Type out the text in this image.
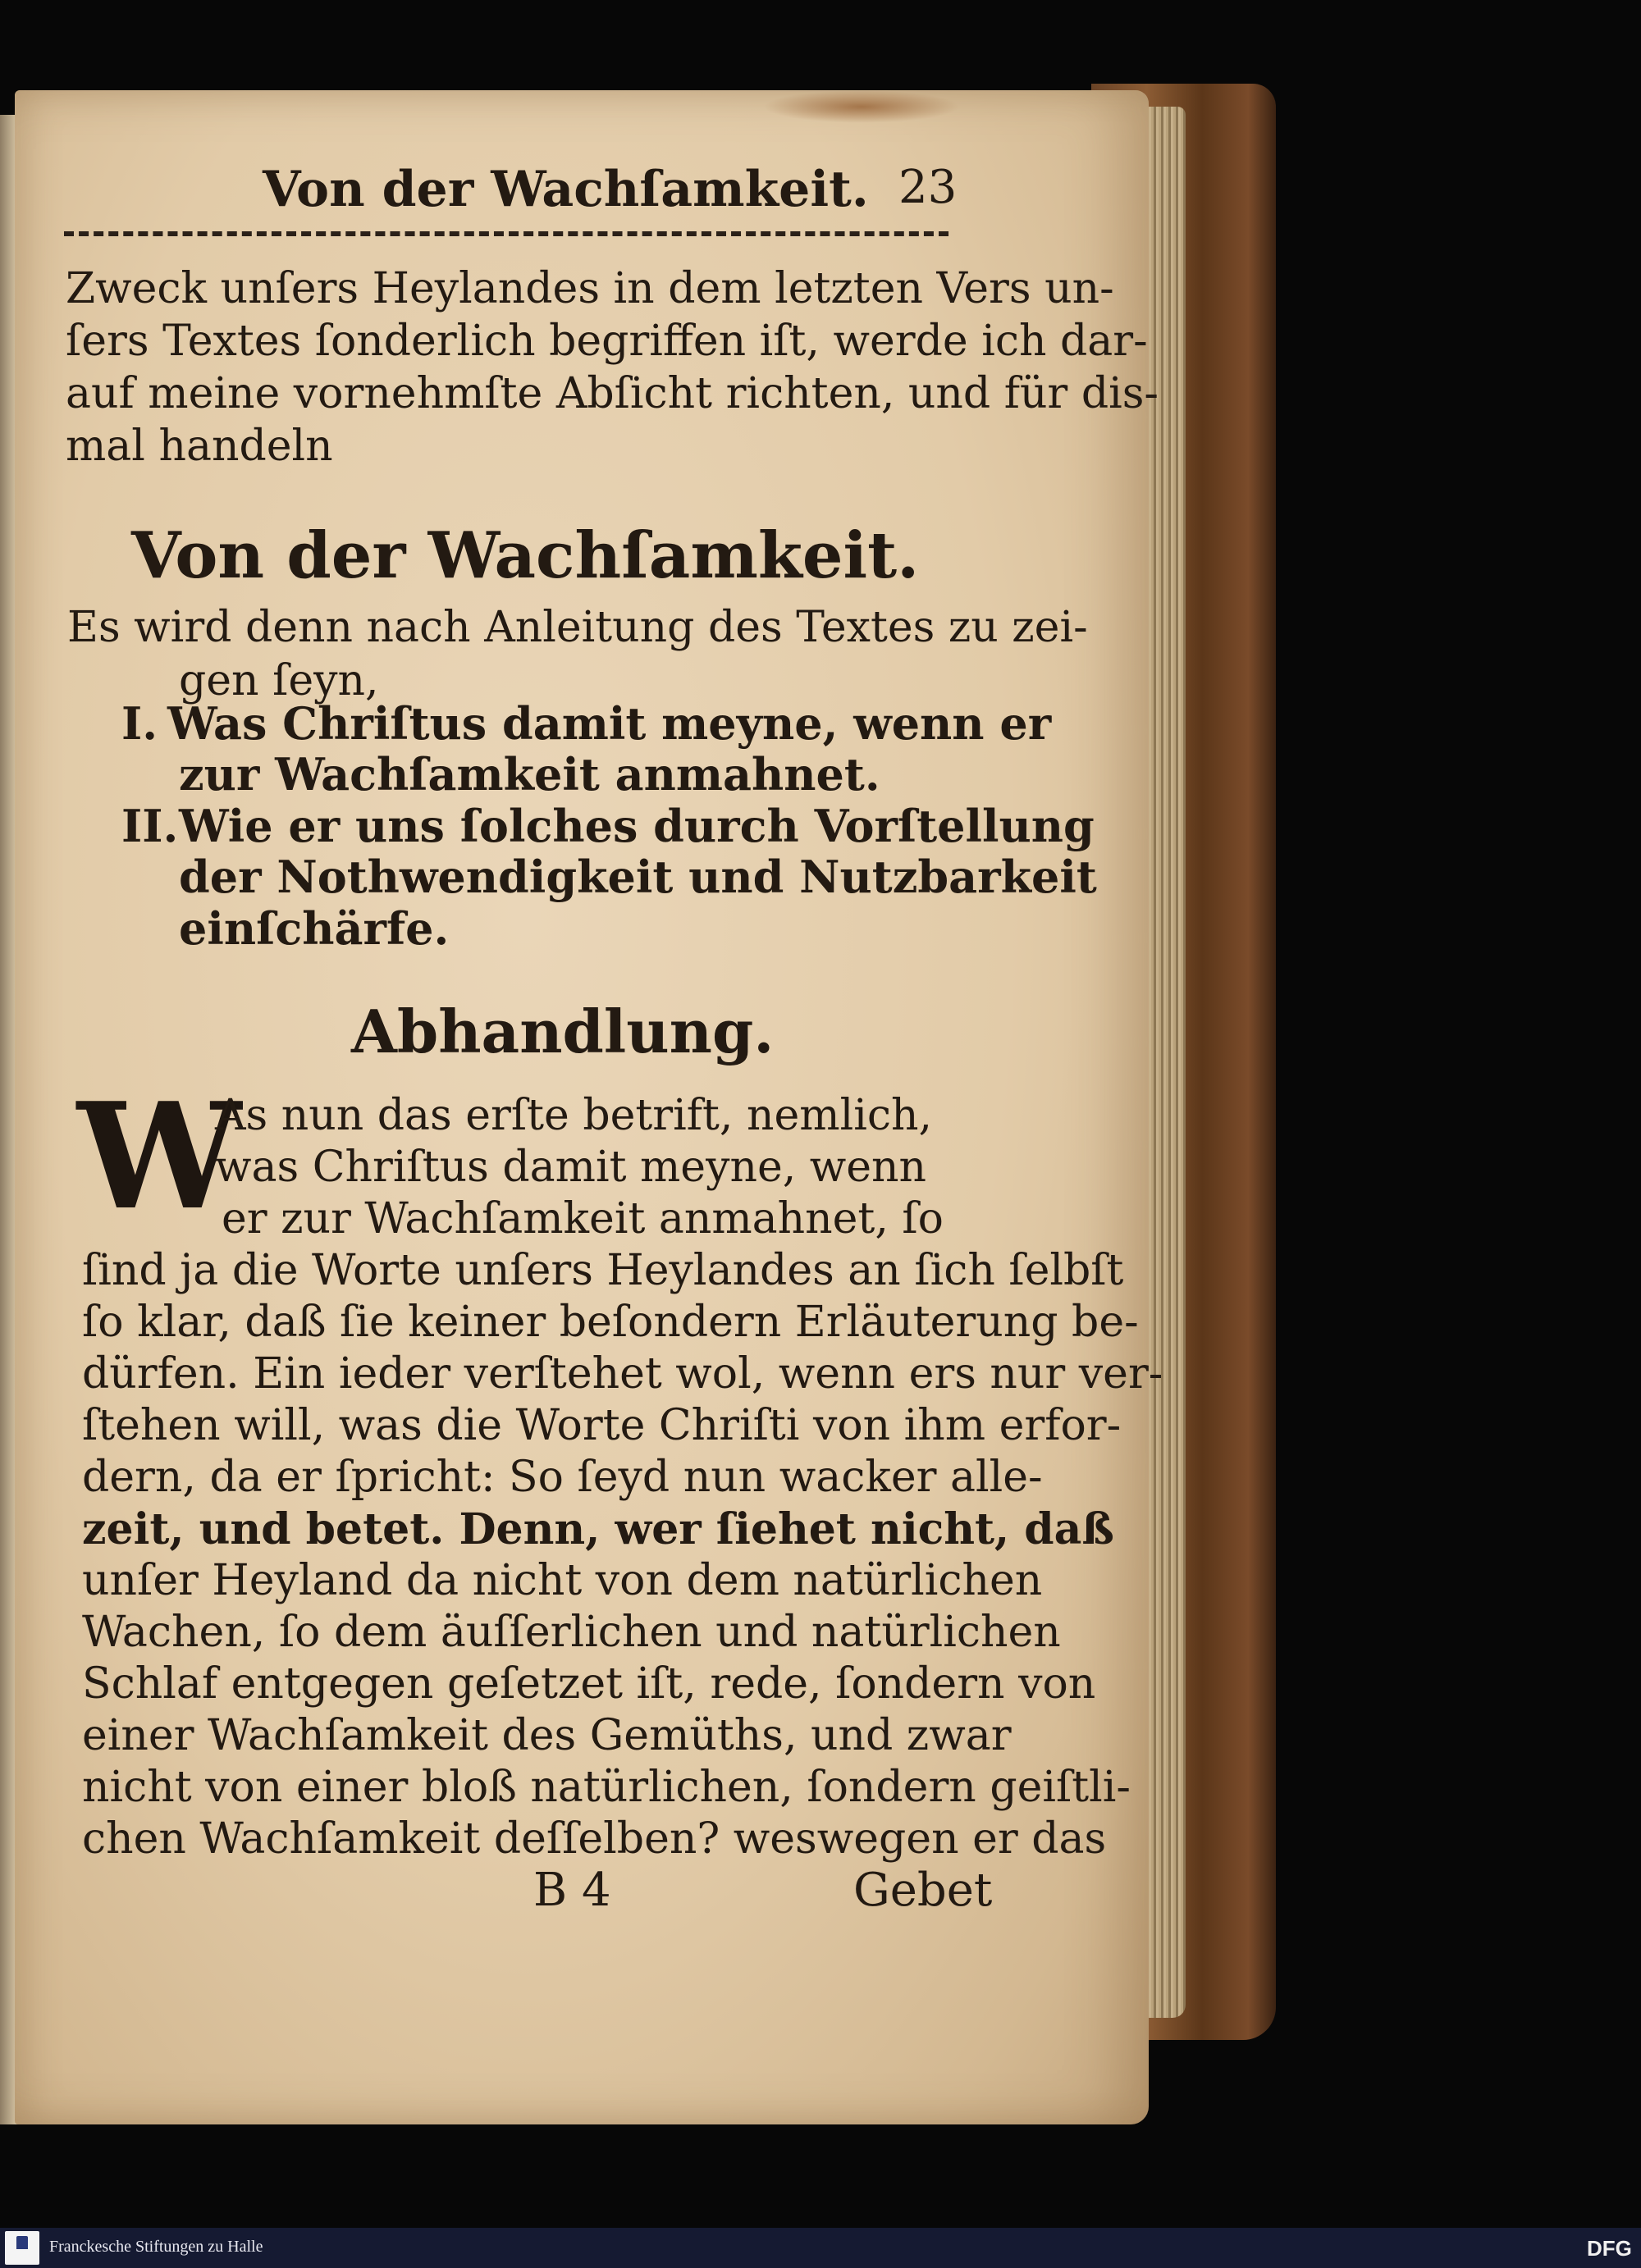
Von der Wachſamkeit. 23
Zweck unſers Heylandes in dem letzten Vers un-
ſers Textes ſonderlich begriffen iſt, werde ich dar-
auf meine vornehmſte Abſicht richten, und für dis-
mal handeln
Von der Wachſamkeit.
Es wird denn nach Anleitung des Textes zu zei-
gen ſeyn,
I. Was Chriſtus damit meyne, wenn er
zur Wachſamkeit anmahnet.
II. Wie er uns ſolches durch Vorſtellung
der Nothwendigkeit und Nutzbarkeit
einſchärfe.
Abhandlung.
W
As nun das erſte betrift, nemlich,
was Chriſtus damit meyne, wenn
er zur Wachſamkeit anmahnet, ſo
ſind ja die Worte unſers Heylandes an ſich ſelbſt
ſo klar, daß ſie keiner beſondern Erläuterung be-
dürfen. Ein ieder verſtehet wol, wenn ers nur ver-
ſtehen will, was die Worte Chriſti von ihm erfor-
dern, da er ſpricht: So ſeyd nun wacker alle-
zeit, und betet. Denn, wer ſiehet nicht, daß
unſer Heyland da nicht von dem natürlichen
Wachen, ſo dem äuſſerlichen und natürlichen
Schlaf entgegen geſetzet iſt, rede, ſondern von
einer Wachſamkeit des Gemüths, und zwar
nicht von einer bloß natürlichen, ſondern geiſtli-
chen Wachſamkeit deſſelben? weswegen er das
B 4	Gebet
Franckesche Stiftungen zu Halle	DFG
